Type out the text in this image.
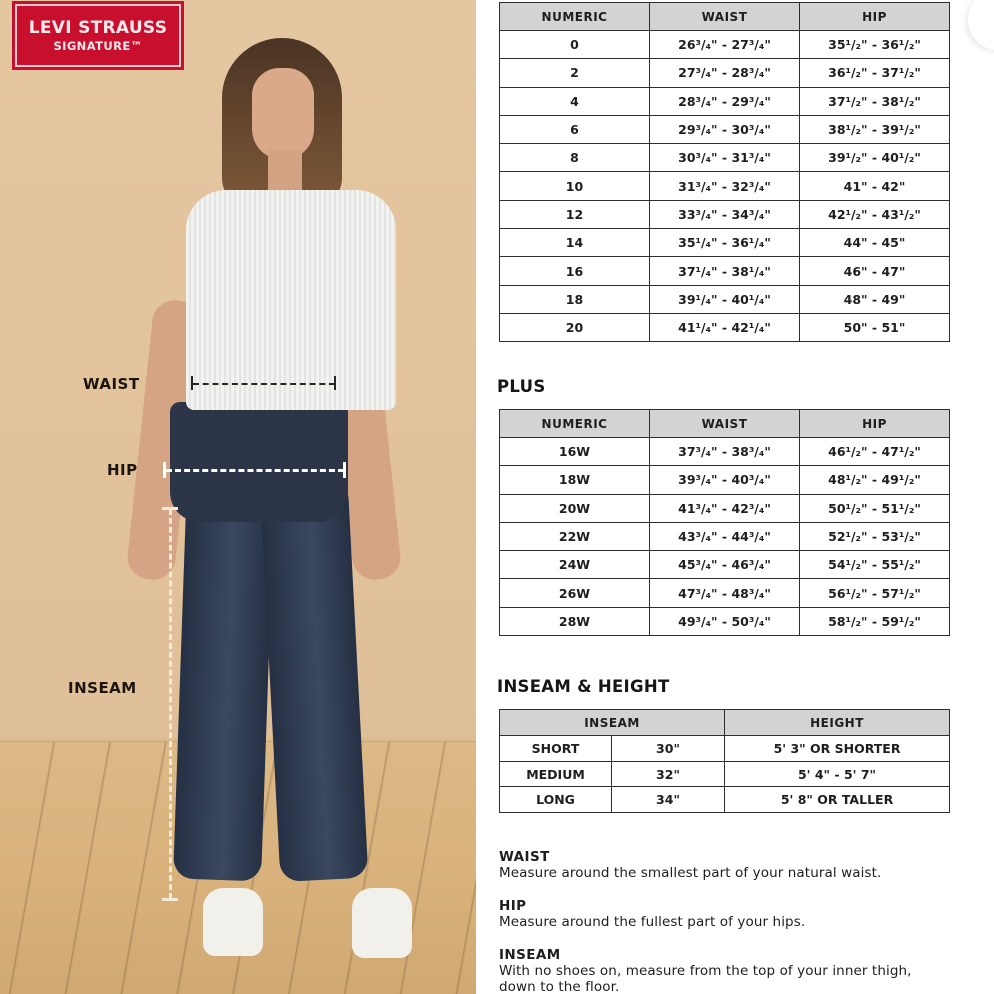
LEVI STRAUSS
SIGNATURE™
WAIST
HIP
INSEAM
NUMERIC	WAIST	HIP
0	26³/₄" - 27³/₄"	35¹/₂" - 36¹/₂"
2	27³/₄" - 28³/₄"	36¹/₂" - 37¹/₂"
4	28³/₄" - 29³/₄"	37¹/₂" - 38¹/₂"
6	29³/₄" - 30³/₄"	38¹/₂" - 39¹/₂"
8	30³/₄" - 31³/₄"	39¹/₂" - 40¹/₂"
10	31³/₄" - 32³/₄"	41" - 42"
12	33³/₄" - 34³/₄"	42¹/₂" - 43¹/₂"
14	35¹/₄" - 36¹/₄"	44" - 45"
16	37¹/₄" - 38¹/₄"	46" - 47"
18	39¹/₄" - 40¹/₄"	48" - 49"
20	41¹/₄" - 42¹/₄"	50" - 51"
PLUS
NUMERIC	WAIST	HIP
16W	37³/₄" - 38³/₄"	46¹/₂" - 47¹/₂"
18W	39³/₄" - 40³/₄"	48¹/₂" - 49¹/₂"
20W	41³/₄" - 42³/₄"	50¹/₂" - 51¹/₂"
22W	43³/₄" - 44³/₄"	52¹/₂" - 53¹/₂"
24W	45³/₄" - 46³/₄"	54¹/₂" - 55¹/₂"
26W	47³/₄" - 48³/₄"	56¹/₂" - 57¹/₂"
28W	49³/₄" - 50³/₄"	58¹/₂" - 59¹/₂"
INSEAM & HEIGHT
INSEAM		HEIGHT
SHORT	30"	5' 3" OR SHORTER
MEDIUM	32"	5' 4" - 5' 7"
LONG	34"	5' 8" OR TALLER
WAIST
Measure around the smallest part of your natural waist.
HIP
Measure around the fullest part of your hips.
INSEAM
With no shoes on, measure from the top of your inner thigh, down to the floor.
